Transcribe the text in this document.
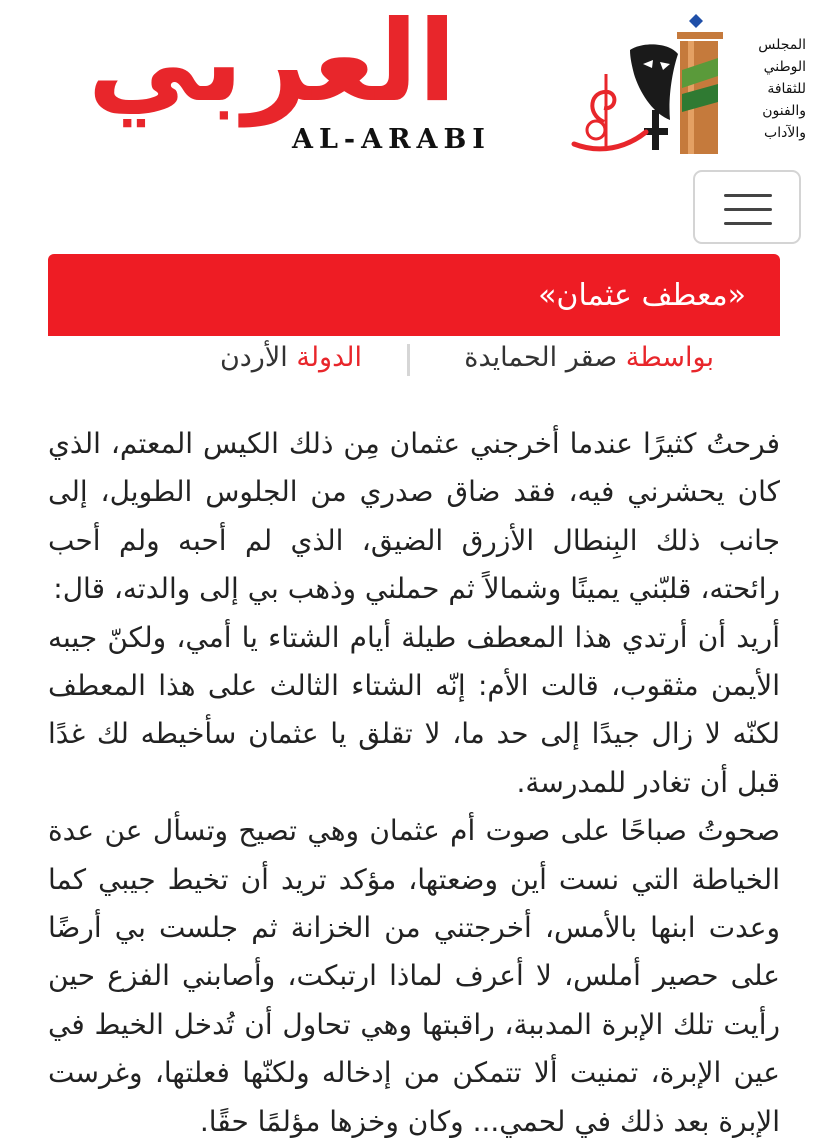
العربي
AL-ARABI
المجلس
الوطني
للثقافة
والفنون
والآداب
«معطف عثمان»
بواسطة صقر الحمايدة
الدولة الأردن

فرحتُ كثيرًا عندما أخرجني عثمان مِن ذلك الكيس المعتم، الذي كان يحشرني فيه، فقد ضاق صدري من الجلوس الطويل، إلى جانب ذلك البِنطال الأزرق الضيق، الذي لم أحبه ولم أحب رائحته، قلبّني يمينًا وشمالاً ثم حملني وذهب بي إلى والدته، قال:

أريد أن أرتدي هذا المعطف طيلة أيام الشتاء يا أمي، ولكنّ جيبه الأيمن مثقوب، قالت الأم: إنّه الشتاء الثالث على هذا المعطف لكنّه لا زال جيدًا إلى حد ما، لا تقلق يا عثمان سأخيطه لك غدًا قبل أن تغادر للمدرسة.

صحوتُ صباحًا على صوت أم عثمان وهي تصيح وتسأل عن عدة الخياطة التي نست أين وضعتها، مؤكد تريد أن تخيط جيبي كما وعدت ابنها بالأمس، أخرجتني من الخزانة ثم جلست بي أرضًا على حصير أملس، لا أعرف لماذا ارتبكت، وأصابني الفزع حين رأيت تلك الإبرة المدببة، راقبتها وهي تحاول أن تُدخل الخيط في عين الإبرة، تمنيت ألا تتمكن من إدخاله ولكنّها فعلتها، وغرست الإبرة بعد ذلك في لحمي... وكان وخزها مؤلمًا حقًا.
